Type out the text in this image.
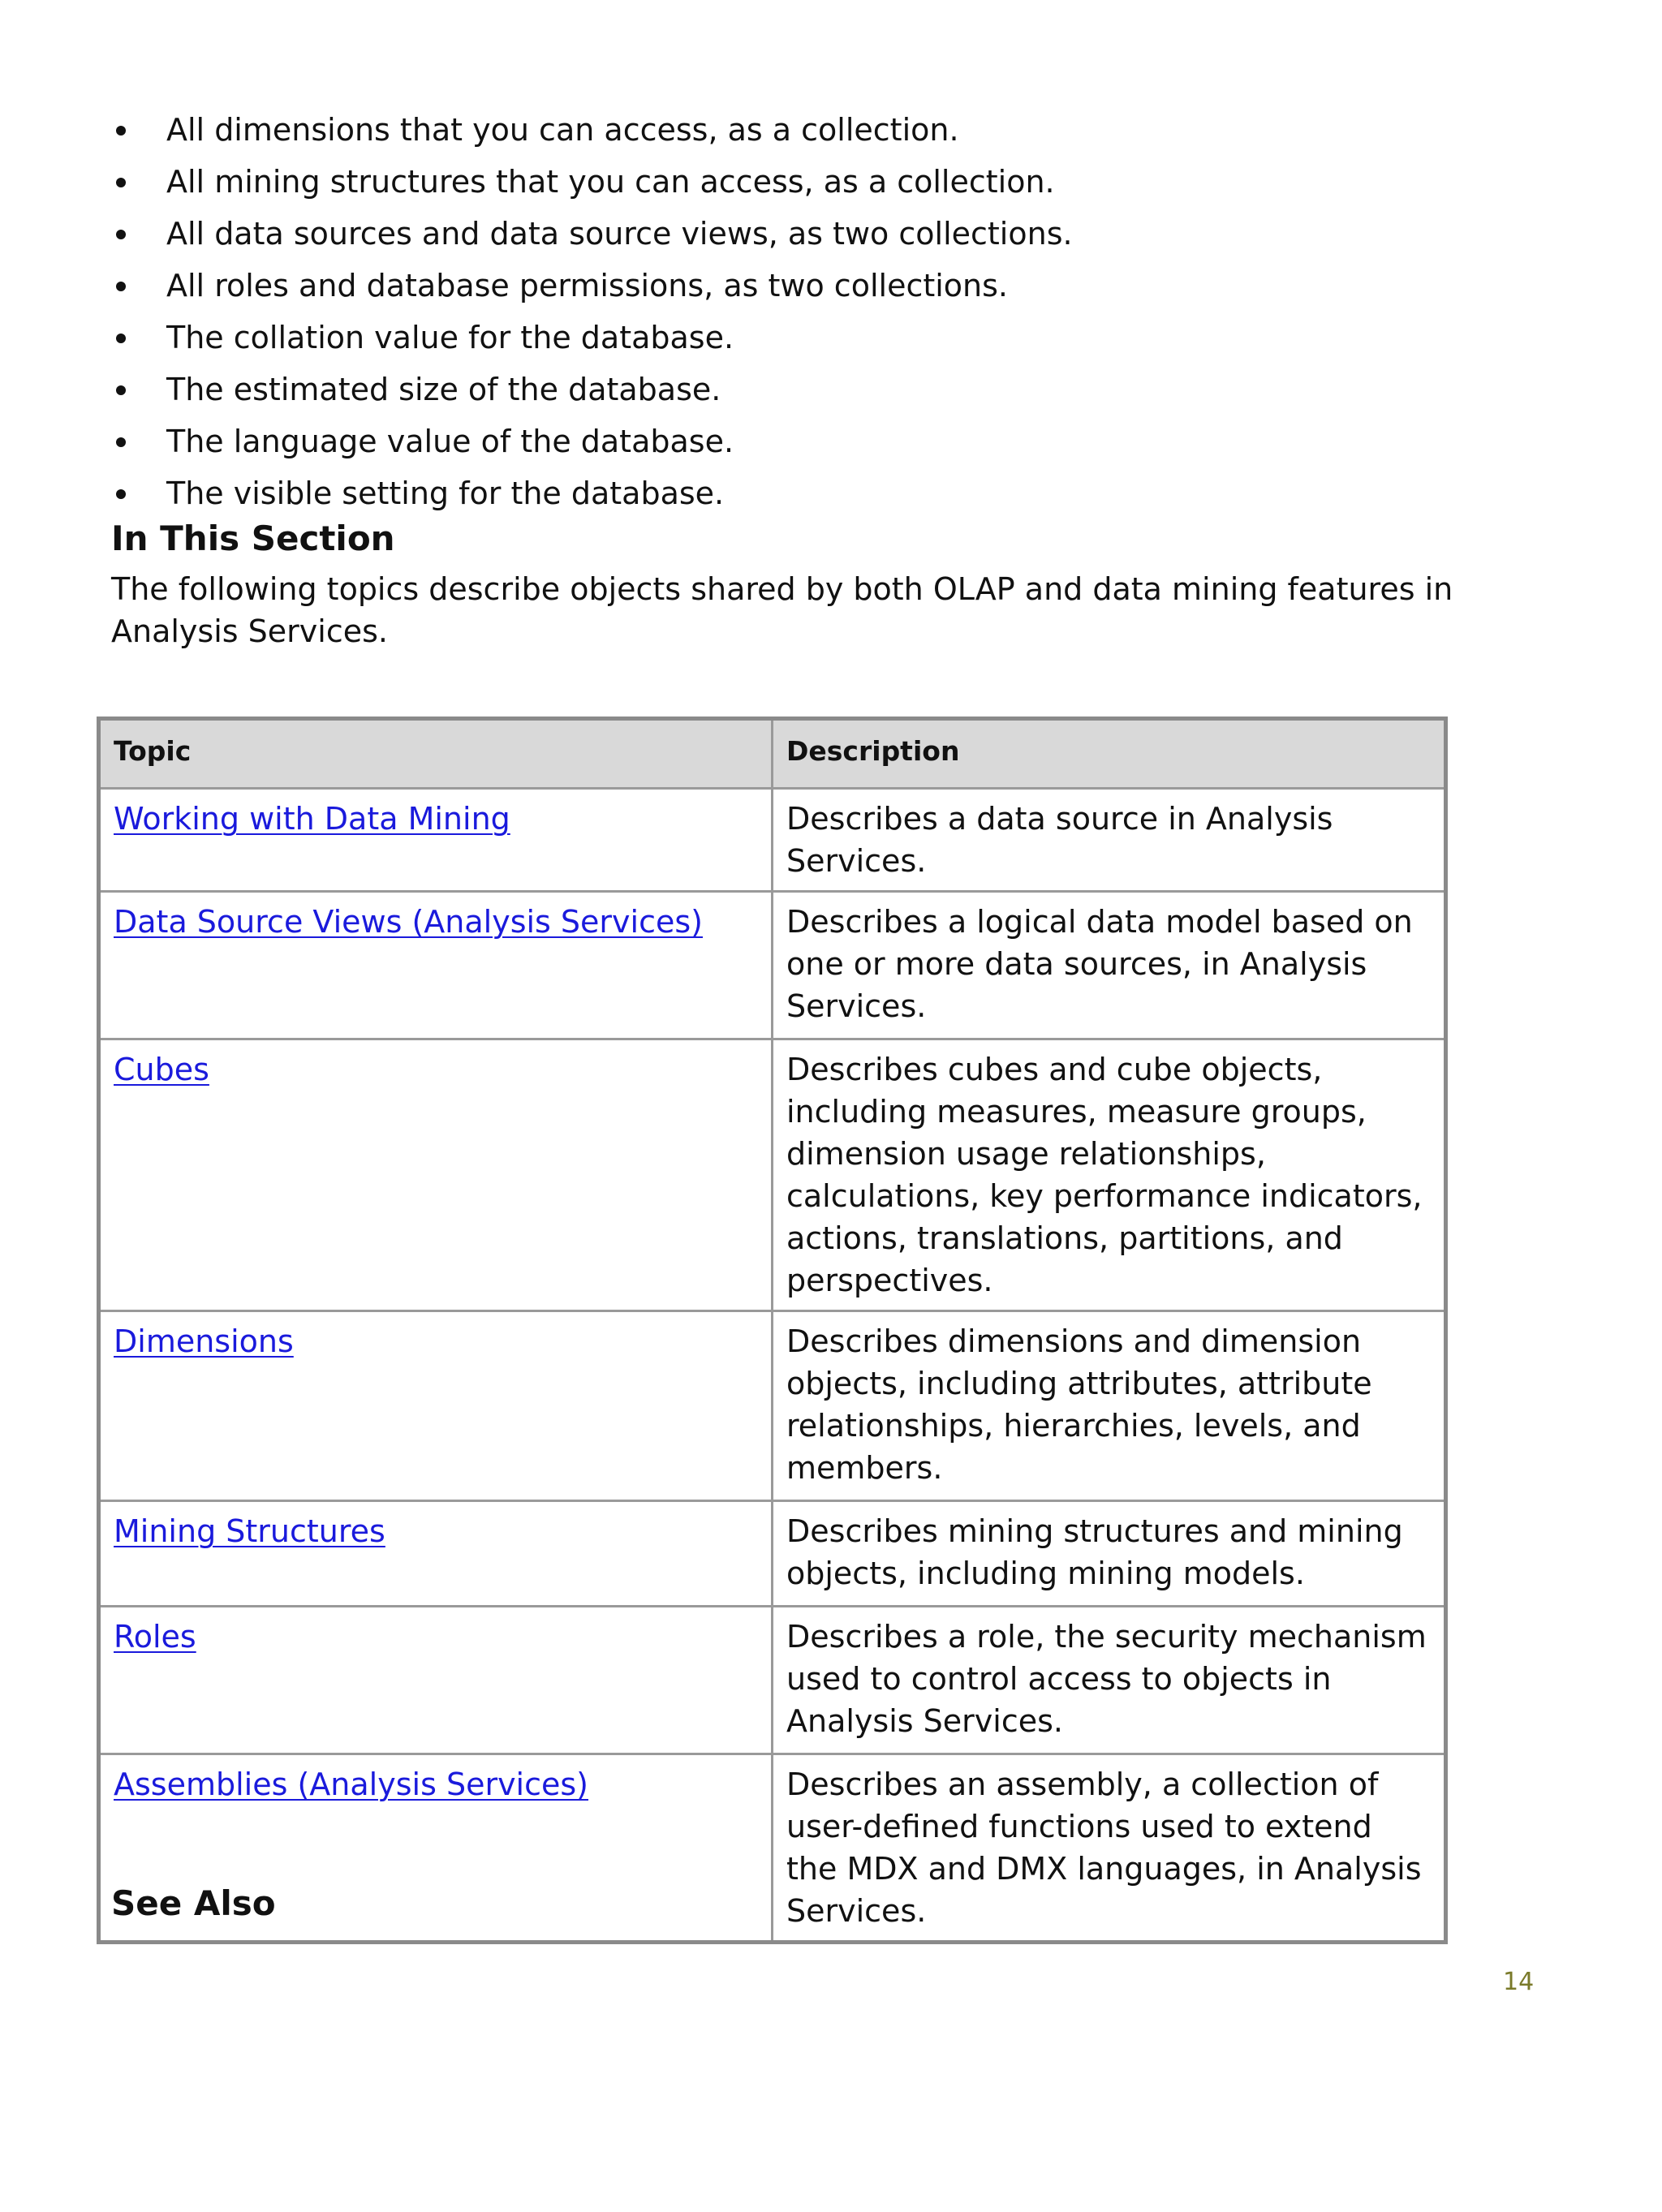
All dimensions that you can access, as a collection.
All mining structures that you can access, as a collection.
All data sources and data source views, as two collections.
All roles and database permissions, as two collections.
The collation value for the database.
The estimated size of the database.
The language value of the database.
The visible setting for the database.
In This Section

The following topics describe objects shared by both OLAP and data mining features in Analysis Services.

Topic	Description
Working with Data Mining	Describes a data source in Analysis Services.
Data Source Views (Analysis Services)	Describes a logical data model based on one or more data sources, in Analysis Services.
Cubes	Describes cubes and cube objects, including measures, measure groups, dimension usage relationships, calculations, key performance indicators, actions, translations, partitions, and perspectives.
Dimensions	Describes dimensions and dimension objects, including attributes, attribute relationships, hierarchies, levels, and members.
Mining Structures	Describes mining structures and mining objects, including mining models.
Roles	Describes a role, the security mechanism used to control access to objects in Analysis Services.
Assemblies (Analysis Services)	Describes an assembly, a collection of user-defined functions used to extend the MDX and DMX languages, in Analysis Services.
See Also
14
